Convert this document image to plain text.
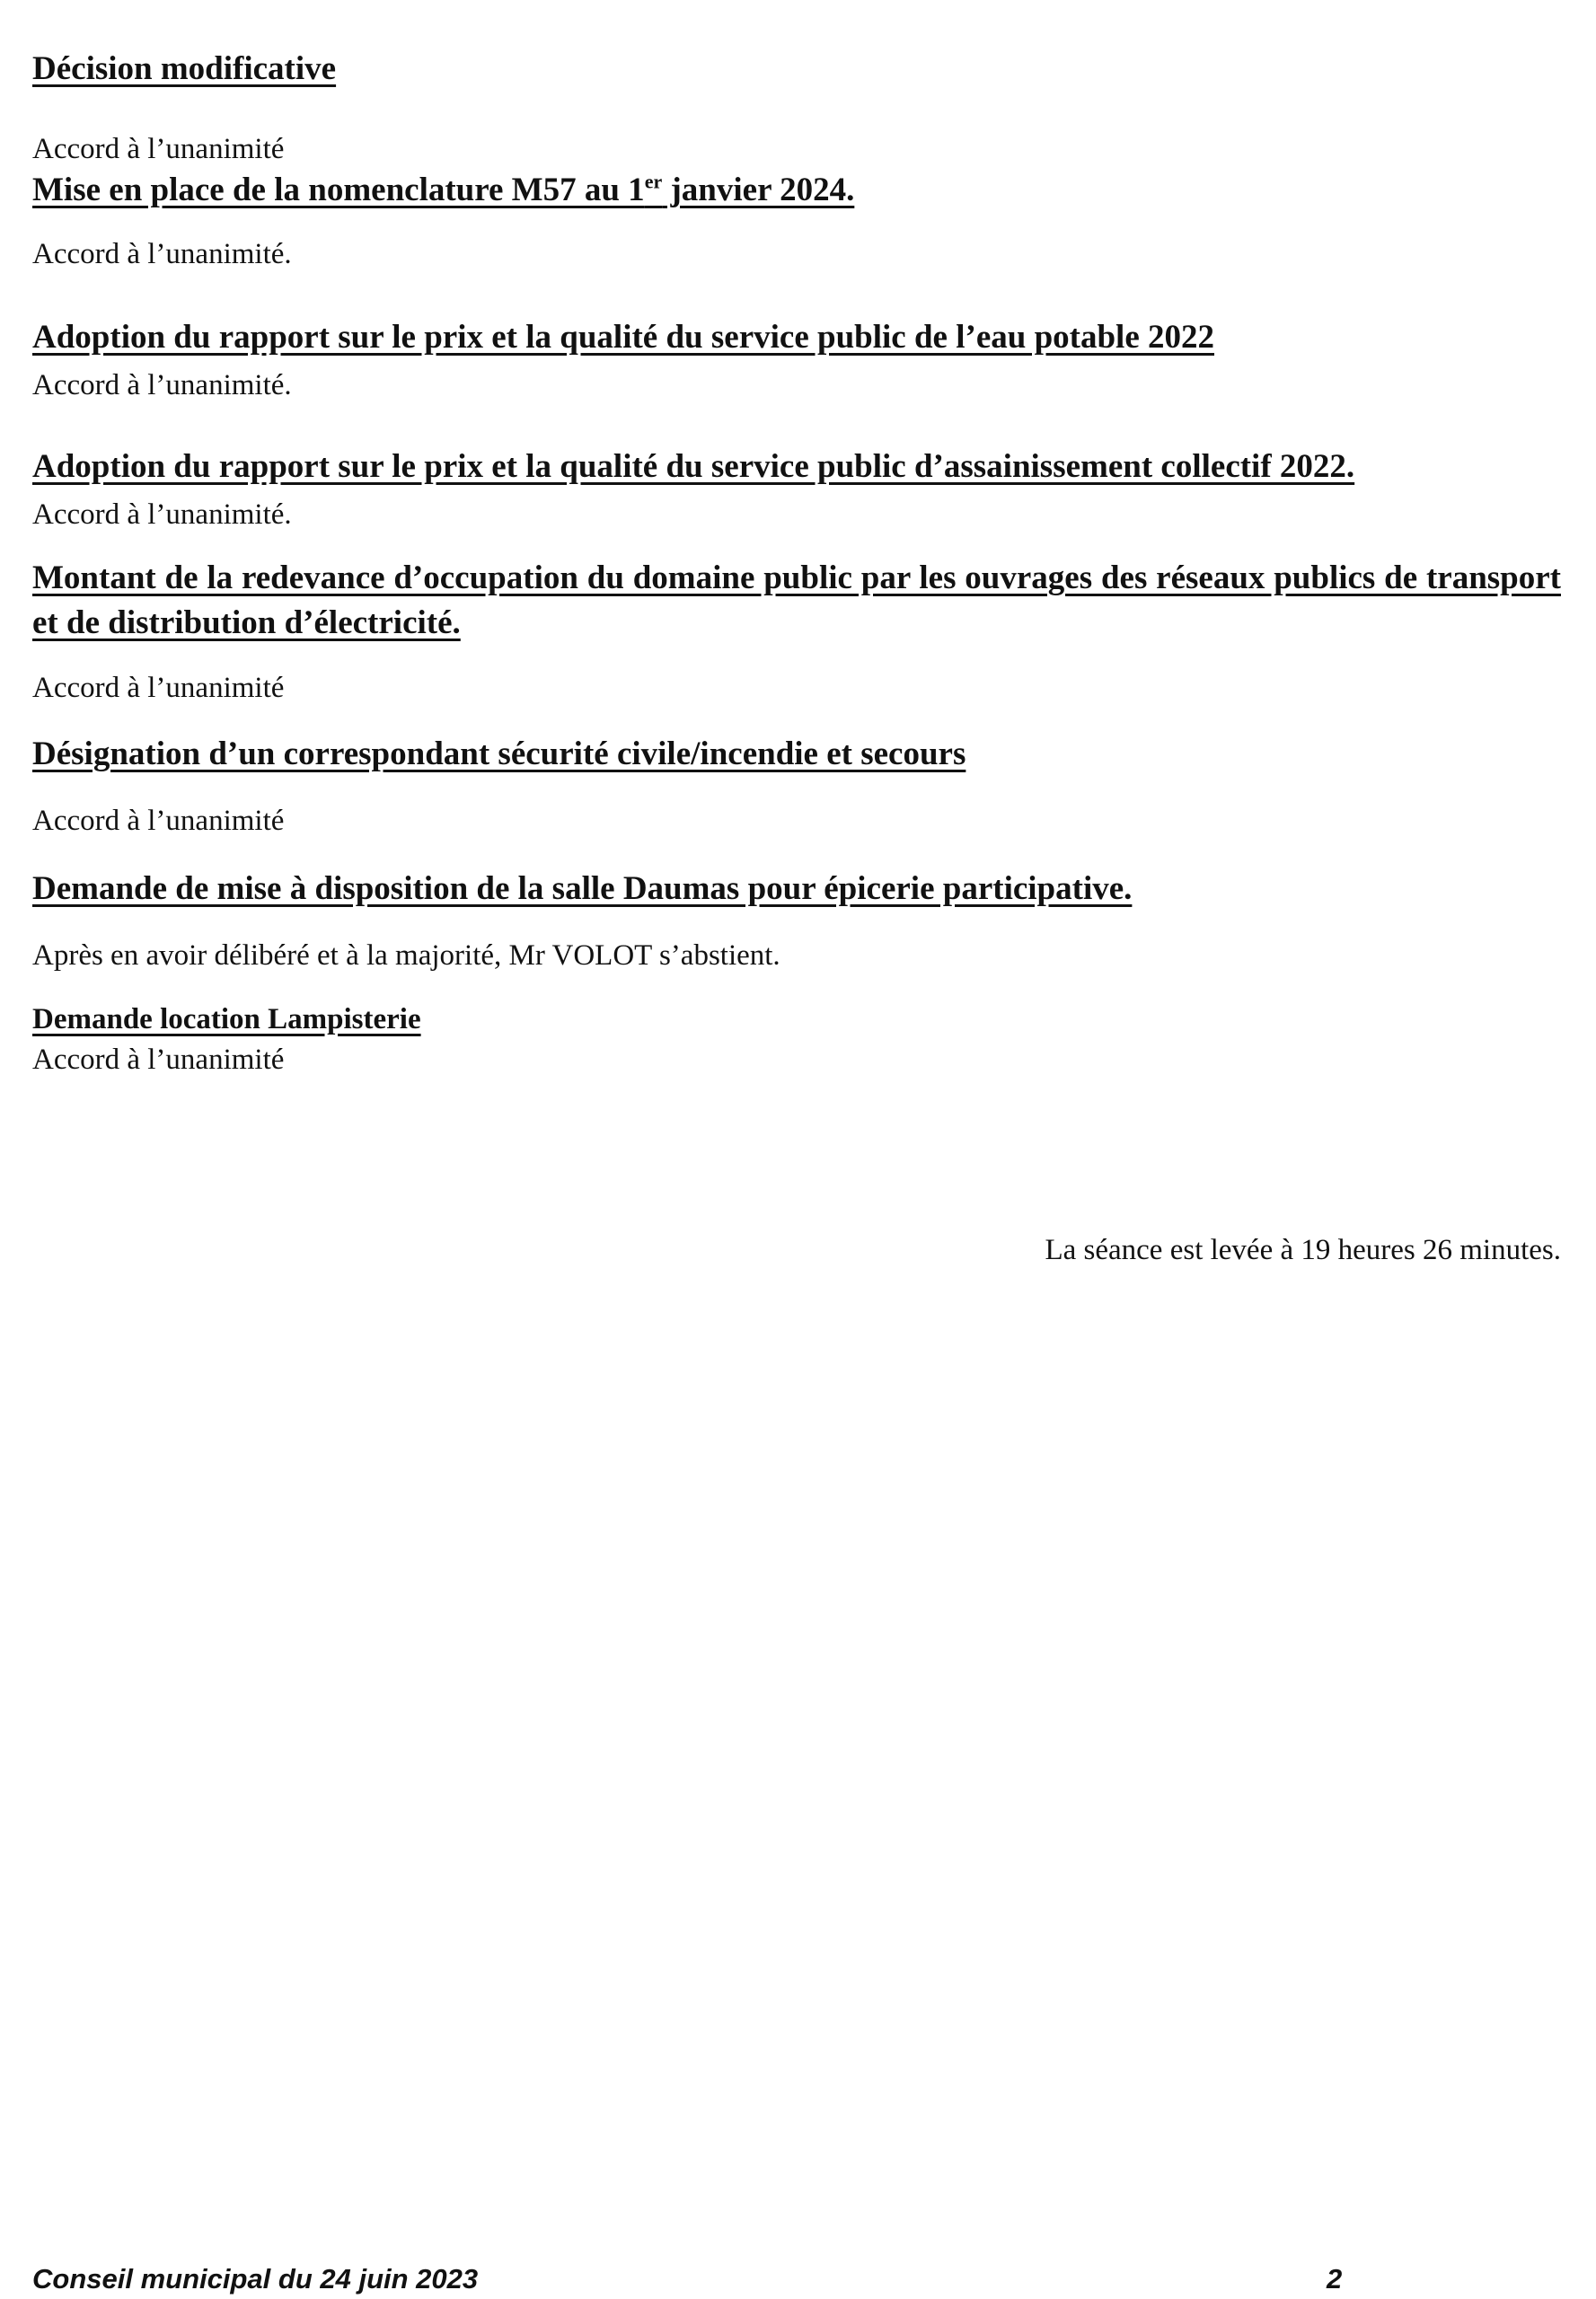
Décision modificative
Accord à l’unanimité
Mise en place de la nomenclature M57 au 1er janvier 2024.
Accord à l’unanimité.
Adoption du rapport sur le prix et la qualité du service public de l’eau potable 2022
Accord à l’unanimité.
Adoption du rapport sur le prix et la qualité du service public d’assainissement collectif 2022.
Accord à l’unanimité.
Montant de la redevance d’occupation du domaine public par les ouvrages des réseaux publics de transport et de distribution d’électricité.
Accord à l’unanimité
Désignation d’un correspondant sécurité civile/incendie et secours
Accord à l’unanimité
Demande de mise à disposition de la salle Daumas pour épicerie participative.
Après en avoir délibéré et à la majorité, Mr VOLOT s’abstient.
Demande location Lampisterie
Accord à l’unanimité
La séance est levée à 19 heures 26 minutes.
Conseil municipal du 24 juin 2023	2
